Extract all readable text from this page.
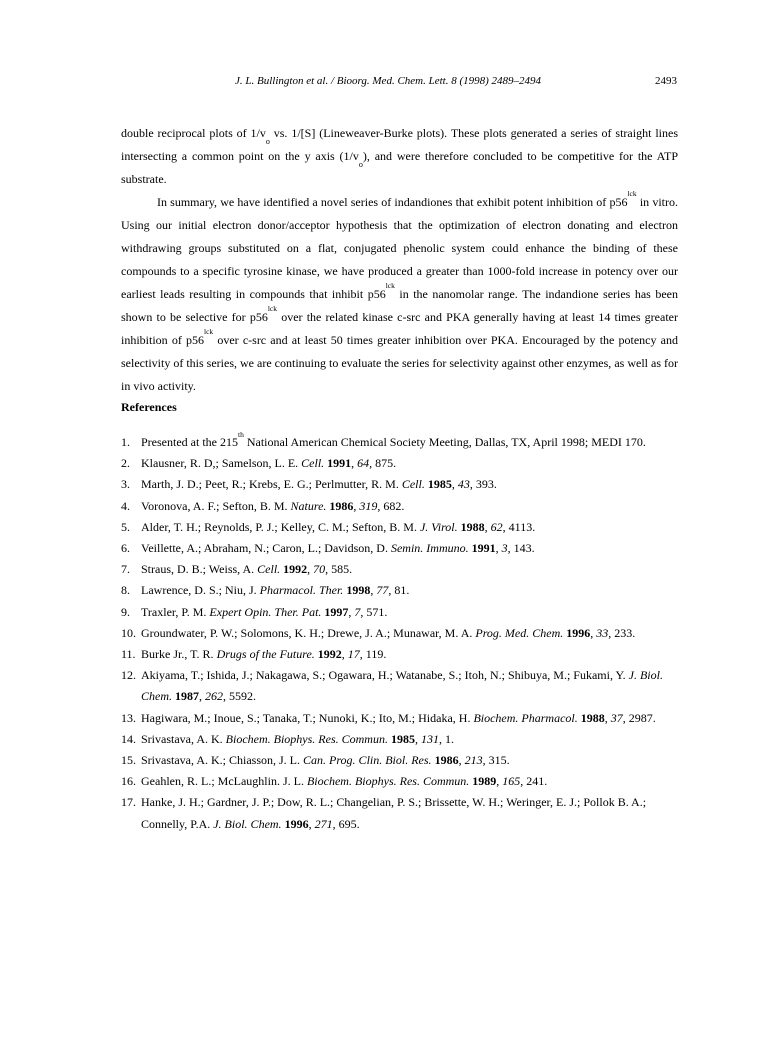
J. L. Bullington et al. / Bioorg. Med. Chem. Lett. 8 (1998) 2489–2494	2493

double reciprocal plots of $1/v_o$ vs. 1/[S] (Lineweaver-Burke plots). These plots generated a series of straight lines intersecting a common point on the y axis $(1/v_o)$, and were therefore concluded to be competitive for the ATP substrate.

In summary, we have identified a novel series of indandiones that exhibit potent inhibition of $p56^{lck}$ in vitro. Using our initial electron donor/acceptor hypothesis that the optimization of electron donating and electron withdrawing groups substituted on a flat, conjugated phenolic system could enhance the binding of these compounds to a specific tyrosine kinase, we have produced a greater than 1000-fold increase in potency over our earliest leads resulting in compounds that inhibit $p56^{lck}$ in the nanomolar range. The indandione series has been shown to be selective for $p56^{lck}$ over the related kinase c-src and PKA generally having at least 14 times greater inhibition of $p56^{lck}$ over c-src and at least 50 times greater inhibition over PKA. Encouraged by the potency and selectivity of this series, we are continuing to evaluate the series for selectivity against other enzymes, as well as for in vivo activity.

References
1. Presented at the 215th National American Chemical Society Meeting, Dallas, TX, April 1998; MEDI 170.
2. Klausner, R. D,; Samelson, L. E. Cell. 1991, 64, 875.
3. Marth, J. D.; Peet, R.; Krebs, E. G.; Perlmutter, R. M. Cell. 1985, 43, 393.
4. Voronova, A. F.; Sefton, B. M. Nature. 1986, 319, 682.
5. Alder, T. H.; Reynolds, P. J.; Kelley, C. M.; Sefton, B. M. J. Virol. 1988, 62, 4113.
6. Veillette, A.; Abraham, N.; Caron, L.; Davidson, D. Semin. Immuno. 1991, 3, 143.
7. Straus, D. B.; Weiss, A. Cell. 1992, 70, 585.
8. Lawrence, D. S.; Niu, J. Pharmacol. Ther. 1998, 77, 81.
9. Traxler, P. M. Expert Opin. Ther. Pat. 1997, 7, 571.
10. Groundwater, P. W.; Solomons, K. H.; Drewe, J. A.; Munawar, M. A. Prog. Med. Chem. 1996, 33, 233.
11. Burke Jr., T. R. Drugs of the Future. 1992, 17, 119.
12. Akiyama, T.; Ishida, J.; Nakagawa, S.; Ogawara, H.; Watanabe, S.; Itoh, N.; Shibuya, M.; Fukami, Y. J. Biol. Chem. 1987, 262, 5592.
13. Hagiwara, M.; Inoue, S.; Tanaka, T.; Nunoki, K.; Ito, M.; Hidaka, H. Biochem. Pharmacol. 1988, 37, 2987.
14. Srivastava, A. K. Biochem. Biophys. Res. Commun. 1985, 131, 1.
15. Srivastava, A. K.; Chiasson, J. L. Can. Prog. Clin. Biol. Res. 1986, 213, 315.
16. Geahlen, R. L.; McLaughlin. J. L. Biochem. Biophys. Res. Commun. 1989, 165, 241.
17. Hanke, J. H.; Gardner, J. P.; Dow, R. L.; Changelian, P. S.; Brissette, W. H.; Weringer, E. J.; Pollok B. A.; Connelly, P.A. J. Biol. Chem. 1996, 271, 695.
